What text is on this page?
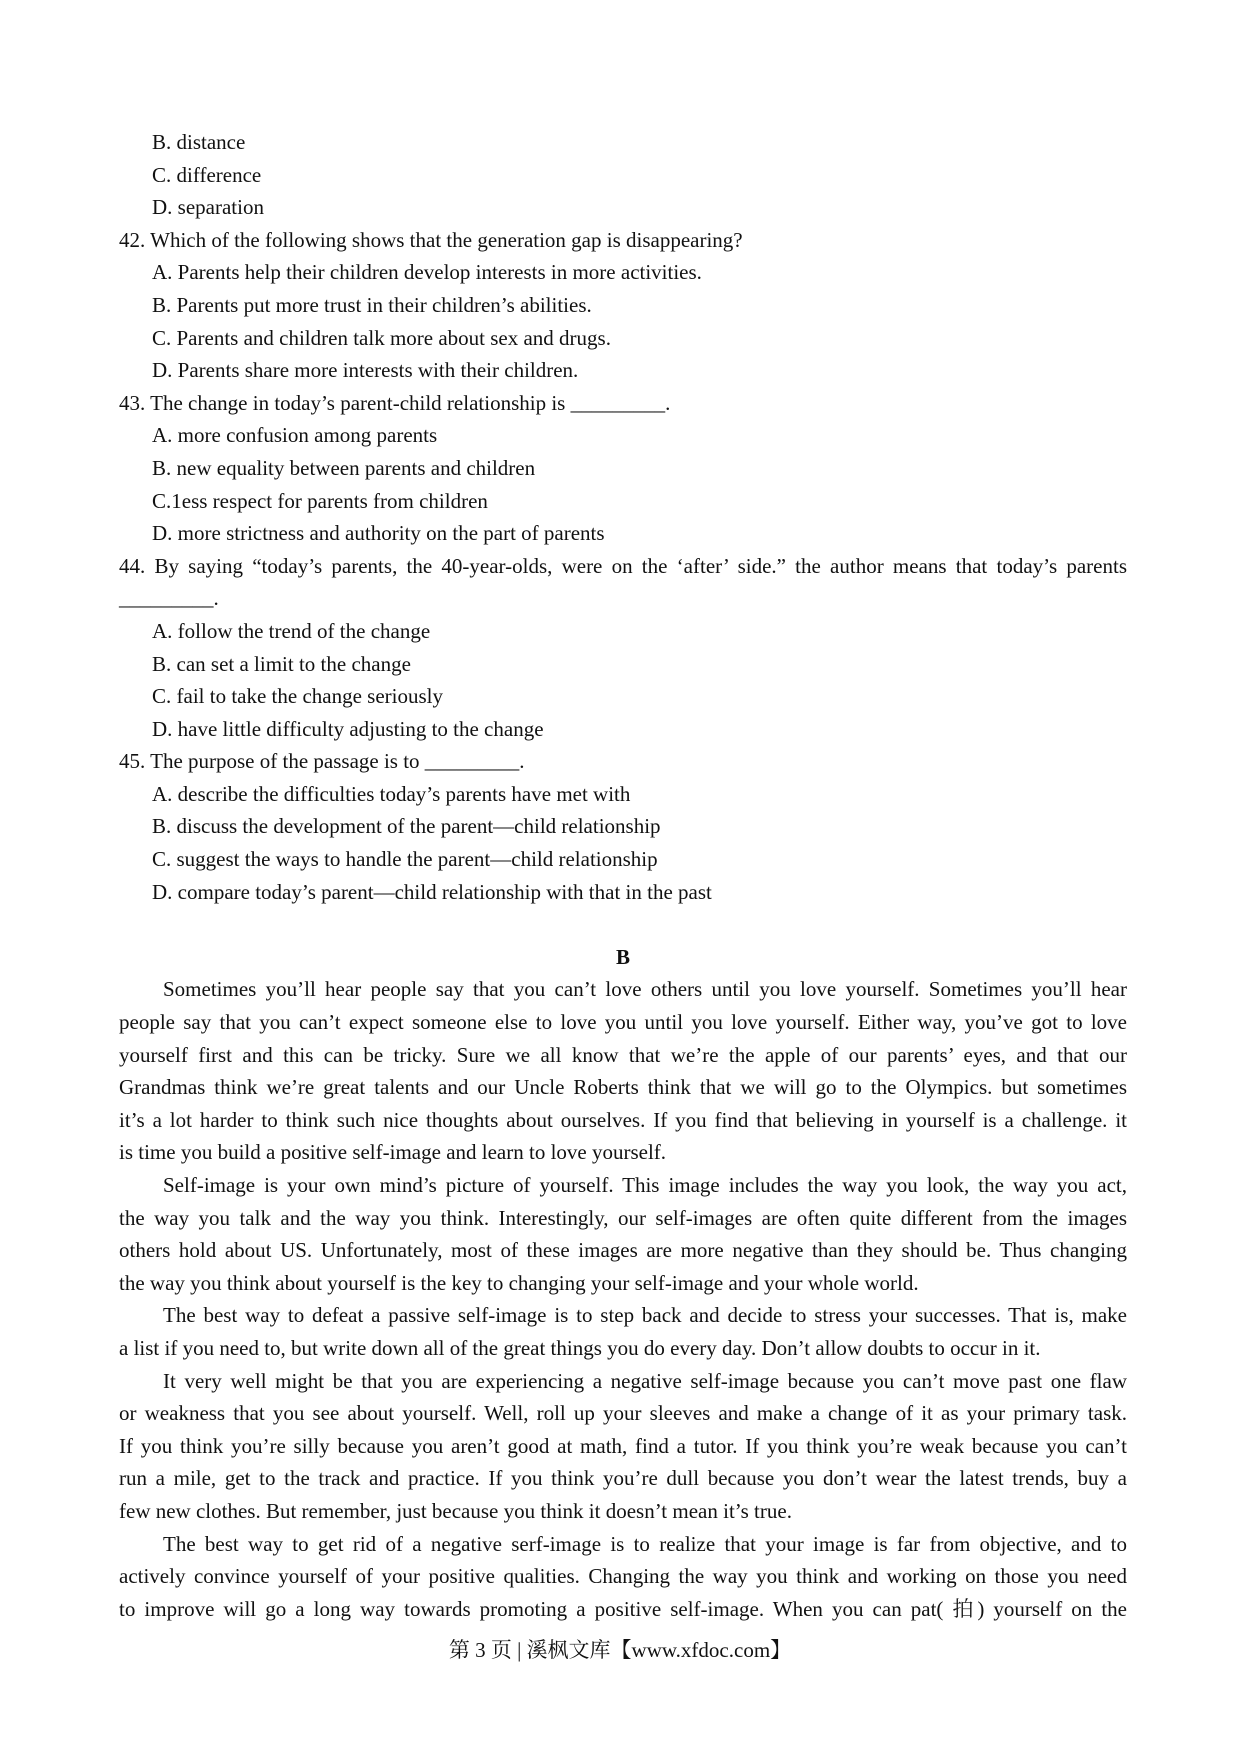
B. distance
C. difference
D. separation
42. Which of the following shows that the generation gap is disappearing?
A. Parents help their children develop interests in more activities.
B. Parents put more trust in their children’s abilities.
C. Parents and children talk more about sex and drugs.
D. Parents share more interests with their children.
43. The change in today’s parent-child relationship is _________.
A. more confusion among parents
B. new equality between parents and children
C.1ess respect for parents from children
D. more strictness and authority on the part of parents
44. By saying “today’s parents, the 40-year-olds, were on the ‘after’ side.” the author means that today’s parents
_________.
A. follow the trend of the change
B. can set a limit to the change
C. fail to take the change seriously
D. have little difficulty adjusting to the change
45. The purpose of the passage is to _________.
A. describe the difficulties today’s parents have met with
B. discuss the development of the parent—child relationship
C. suggest the ways to handle the parent—child relationship
D. compare today’s parent—child relationship with that in the past
B
Sometimes you’ll hear people say that you can’t love others until you love yourself. Sometimes you’ll hear
people say that you can’t expect someone else to love you until you love yourself. Either way, you’ve got to love
yourself first and this can be tricky. Sure we all know that we’re the apple of our parents’ eyes, and that our
Grandmas think we’re great talents and our Uncle Roberts think that we will go to the Olympics. but sometimes
it’s a lot harder to think such nice thoughts about ourselves. If you find that believing in yourself is a challenge. it
is time you build a positive self-image and learn to love yourself.
Self-image is your own mind’s picture of yourself. This image includes the way you look, the way you act,
the way you talk and the way you think. Interestingly, our self-images are often quite different from the images
others hold about US. Unfortunately, most of these images are more negative than they should be. Thus changing
the way you think about yourself is the key to changing your self-image and your whole world.
The best way to defeat a passive self-image is to step back and decide to stress your successes. That is, make
a list if you need to, but write down all of the great things you do every day. Don’t allow doubts to occur in it.
It very well might be that you are experiencing a negative self-image because you can’t move past one flaw
or weakness that you see about yourself. Well, roll up your sleeves and make a change of it as your primary task.
If you think you’re silly because you aren’t good at math, find a tutor. If you think you’re weak because you can’t
run a mile, get to the track and practice. If you think you’re dull because you don’t wear the latest trends, buy a
few new clothes. But remember, just because you think it doesn’t mean it’s true.
The best way to get rid of a negative serf-image is to realize that your image is far from objective, and to
actively convince yourself of your positive qualities. Changing the way you think and working on those you need
to improve will go a long way towards promoting a positive self-image. When you can pat( 拍) yourself on the
第 3 页 | 溪枫文库【www.xfdoc.com】
